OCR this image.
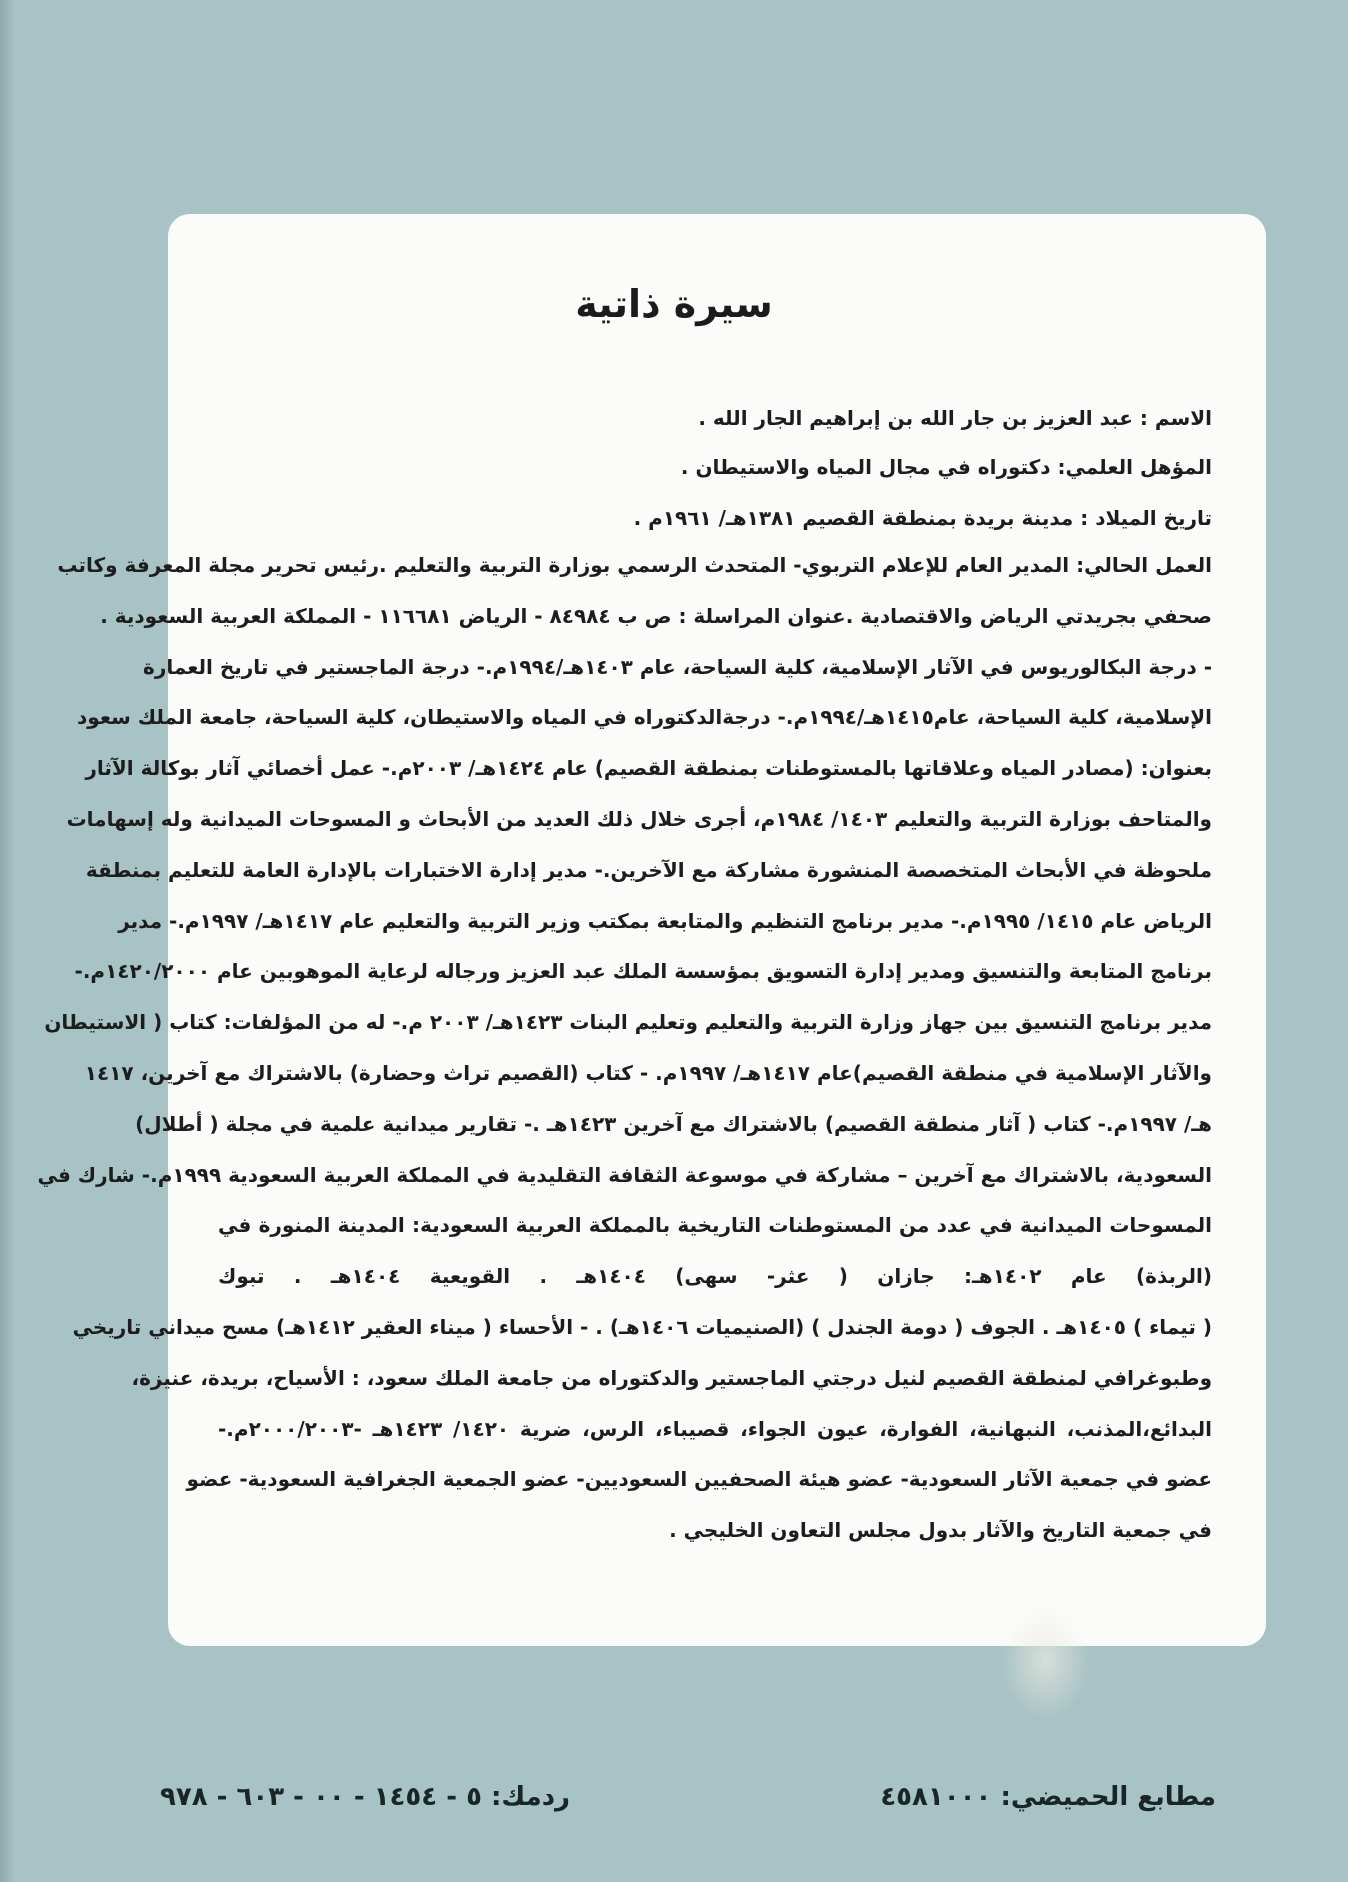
سيرة ذاتية
الاسم : عبد العزيز بن جار الله بن إبراهيم الجار الله .
المؤهل العلمي: دكتوراه في مجال المياه والاستيطان .
تاريخ الميلاد : مدينة بريدة بمنطقة القصيم ١٣٨١هـ/ ١٩٦١م .
العمل الحالي: المدير العام للإعلام التربوي- المتحدث الرسمي بوزارة التربية والتعليم .رئيس تحرير مجلة المعرفة وكاتب
صحفي بجريدتي الرياض والاقتصادية .عنوان المراسلة : ص ب ٨٤٩٨٤ - الرياض ١١٦٦٨١ - المملكة العربية السعودية .
- درجة البكالوريوس في الآثار الإسلامية، كلية السياحة، عام ١٤٠٣هـ/١٩٩٤م.- درجة الماجستير في تاريخ العمارة
الإسلامية، كلية السياحة، عام١٤١٥هـ/١٩٩٤م.- درجةالدكتوراه في المياه والاستيطان، كلية السياحة، جامعة الملك سعود
بعنوان: (مصادر المياه وعلاقاتها بالمستوطنات بمنطقة القصيم) عام ١٤٢٤هـ/ ٢٠٠٣م.- عمل أخصائي آثار بوكالة الآثار
والمتاحف بوزارة التربية والتعليم ١٤٠٣/ ١٩٨٤م، أجرى خلال ذلك العديد من الأبحاث و المسوحات الميدانية وله إسهامات
ملحوظة في الأبحاث المتخصصة المنشورة مشاركة مع الآخرين.- مدير إدارة الاختبارات بالإدارة العامة للتعليم بمنطقة
الرياض عام ١٤١٥/ ١٩٩٥م.- مدير برنامج التنظيم والمتابعة بمكتب وزير التربية والتعليم عام ١٤١٧هـ/ ١٩٩٧م.- مدير
برنامج المتابعة والتنسيق ومدير إدارة التسويق بمؤسسة الملك عبد العزيز ورجاله لرعاية الموهوبين عام ١٤٢٠/٢٠٠٠م.-
مدير برنامج التنسيق بين جهاز وزارة التربية والتعليم وتعليم البنات ١٤٢٣هـ/ ٢٠٠٣ م.- له من المؤلفات: كتاب ( الاستيطان
والآثار الإسلامية في منطقة القصيم)عام ١٤١٧هـ/ ١٩٩٧م. - كتاب (القصيم تراث وحضارة) بالاشتراك مع آخرين، ١٤١٧
هـ/ ١٩٩٧م.- كتاب ( آثار منطقة القصيم) بالاشتراك مع آخرين ١٤٢٣هـ .- تقارير ميدانية علمية في مجلة ( أطلال)
السعودية، بالاشتراك مع آخرين – مشاركة في موسوعة الثقافة التقليدية في المملكة العربية السعودية ١٩٩٩م.- شارك في
المسوحات الميدانية في عدد من المستوطنات التاريخية بالمملكة العربية السعودية: المدينة المنورة في
(الربذة) عام ١٤٠٢هـ: جازان ( عثر- سهى) ١٤٠٤هـ . القويعية ١٤٠٤هـ . تبوك
( تيماء ) ١٤٠٥هـ . الجوف ( دومة الجندل ) (الصنيميات ١٤٠٦هـ) . - الأحساء ( ميناء العقير ١٤١٢هـ) مسح ميداني تاريخي
وطبوغرافي لمنطقة القصيم لنيل درجتي الماجستير والدكتوراه من جامعة الملك سعود، : الأسياح، بريدة، عنيزة،
البدائع،المذنب، النبهانية، الفوارة، عيون الجواء، قصيباء، الرس، ضرية ١٤٢٠/ ١٤٢٣هـ -٢٠٠٠/٢٠٠٣م.-
عضو في جمعية الآثار السعودية- عضو هيئة الصحفيين السعوديين- عضو الجمعية الجغرافية السعودية- عضو
في جمعية التاريخ والآثار بدول مجلس التعاون الخليجي .
مطابع الحميضي: ٤٥٨١٠٠٠
ردمك: ٥ - ١٤٥٤ - ٠٠ - ٦٠٣ - ٩٧٨
